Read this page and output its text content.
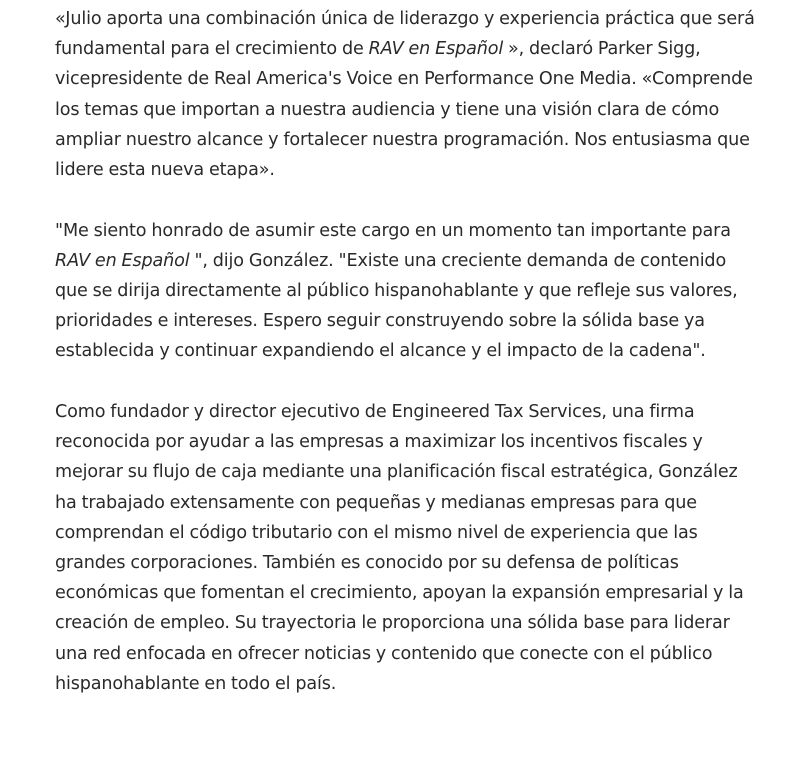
«Julio aporta una combinación única de liderazgo y experiencia práctica que será fundamental para el crecimiento de RAV en Español », declaró Parker Sigg, vicepresidente de Real America's Voice en Performance One Media. «Comprende los temas que importan a nuestra audiencia y tiene una visión clara de cómo ampliar nuestro alcance y fortalecer nuestra programación. Nos entusiasma que lidere esta nueva etapa».

"Me siento honrado de asumir este cargo en un momento tan importante para RAV en Español ", dijo González. "Existe una creciente demanda de contenido que se dirija directamente al público hispanohablante y que refleje sus valores, prioridades e intereses. Espero seguir construyendo sobre la sólida base ya establecida y continuar expandiendo el alcance y el impacto de la cadena".

Como fundador y director ejecutivo de Engineered Tax Services, una firma reconocida por ayudar a las empresas a maximizar los incentivos fiscales y mejorar su flujo de caja mediante una planificación fiscal estratégica, González ha trabajado extensamente con pequeñas y medianas empresas para que comprendan el código tributario con el mismo nivel de experiencia que las grandes corporaciones. También es conocido por su defensa de políticas económicas que fomentan el crecimiento, apoyan la expansión empresarial y la creación de empleo. Su trayectoria le proporciona una sólida base para liderar una red enfocada en ofrecer noticias y contenido que conecte con el público hispanohablante en todo el país.
